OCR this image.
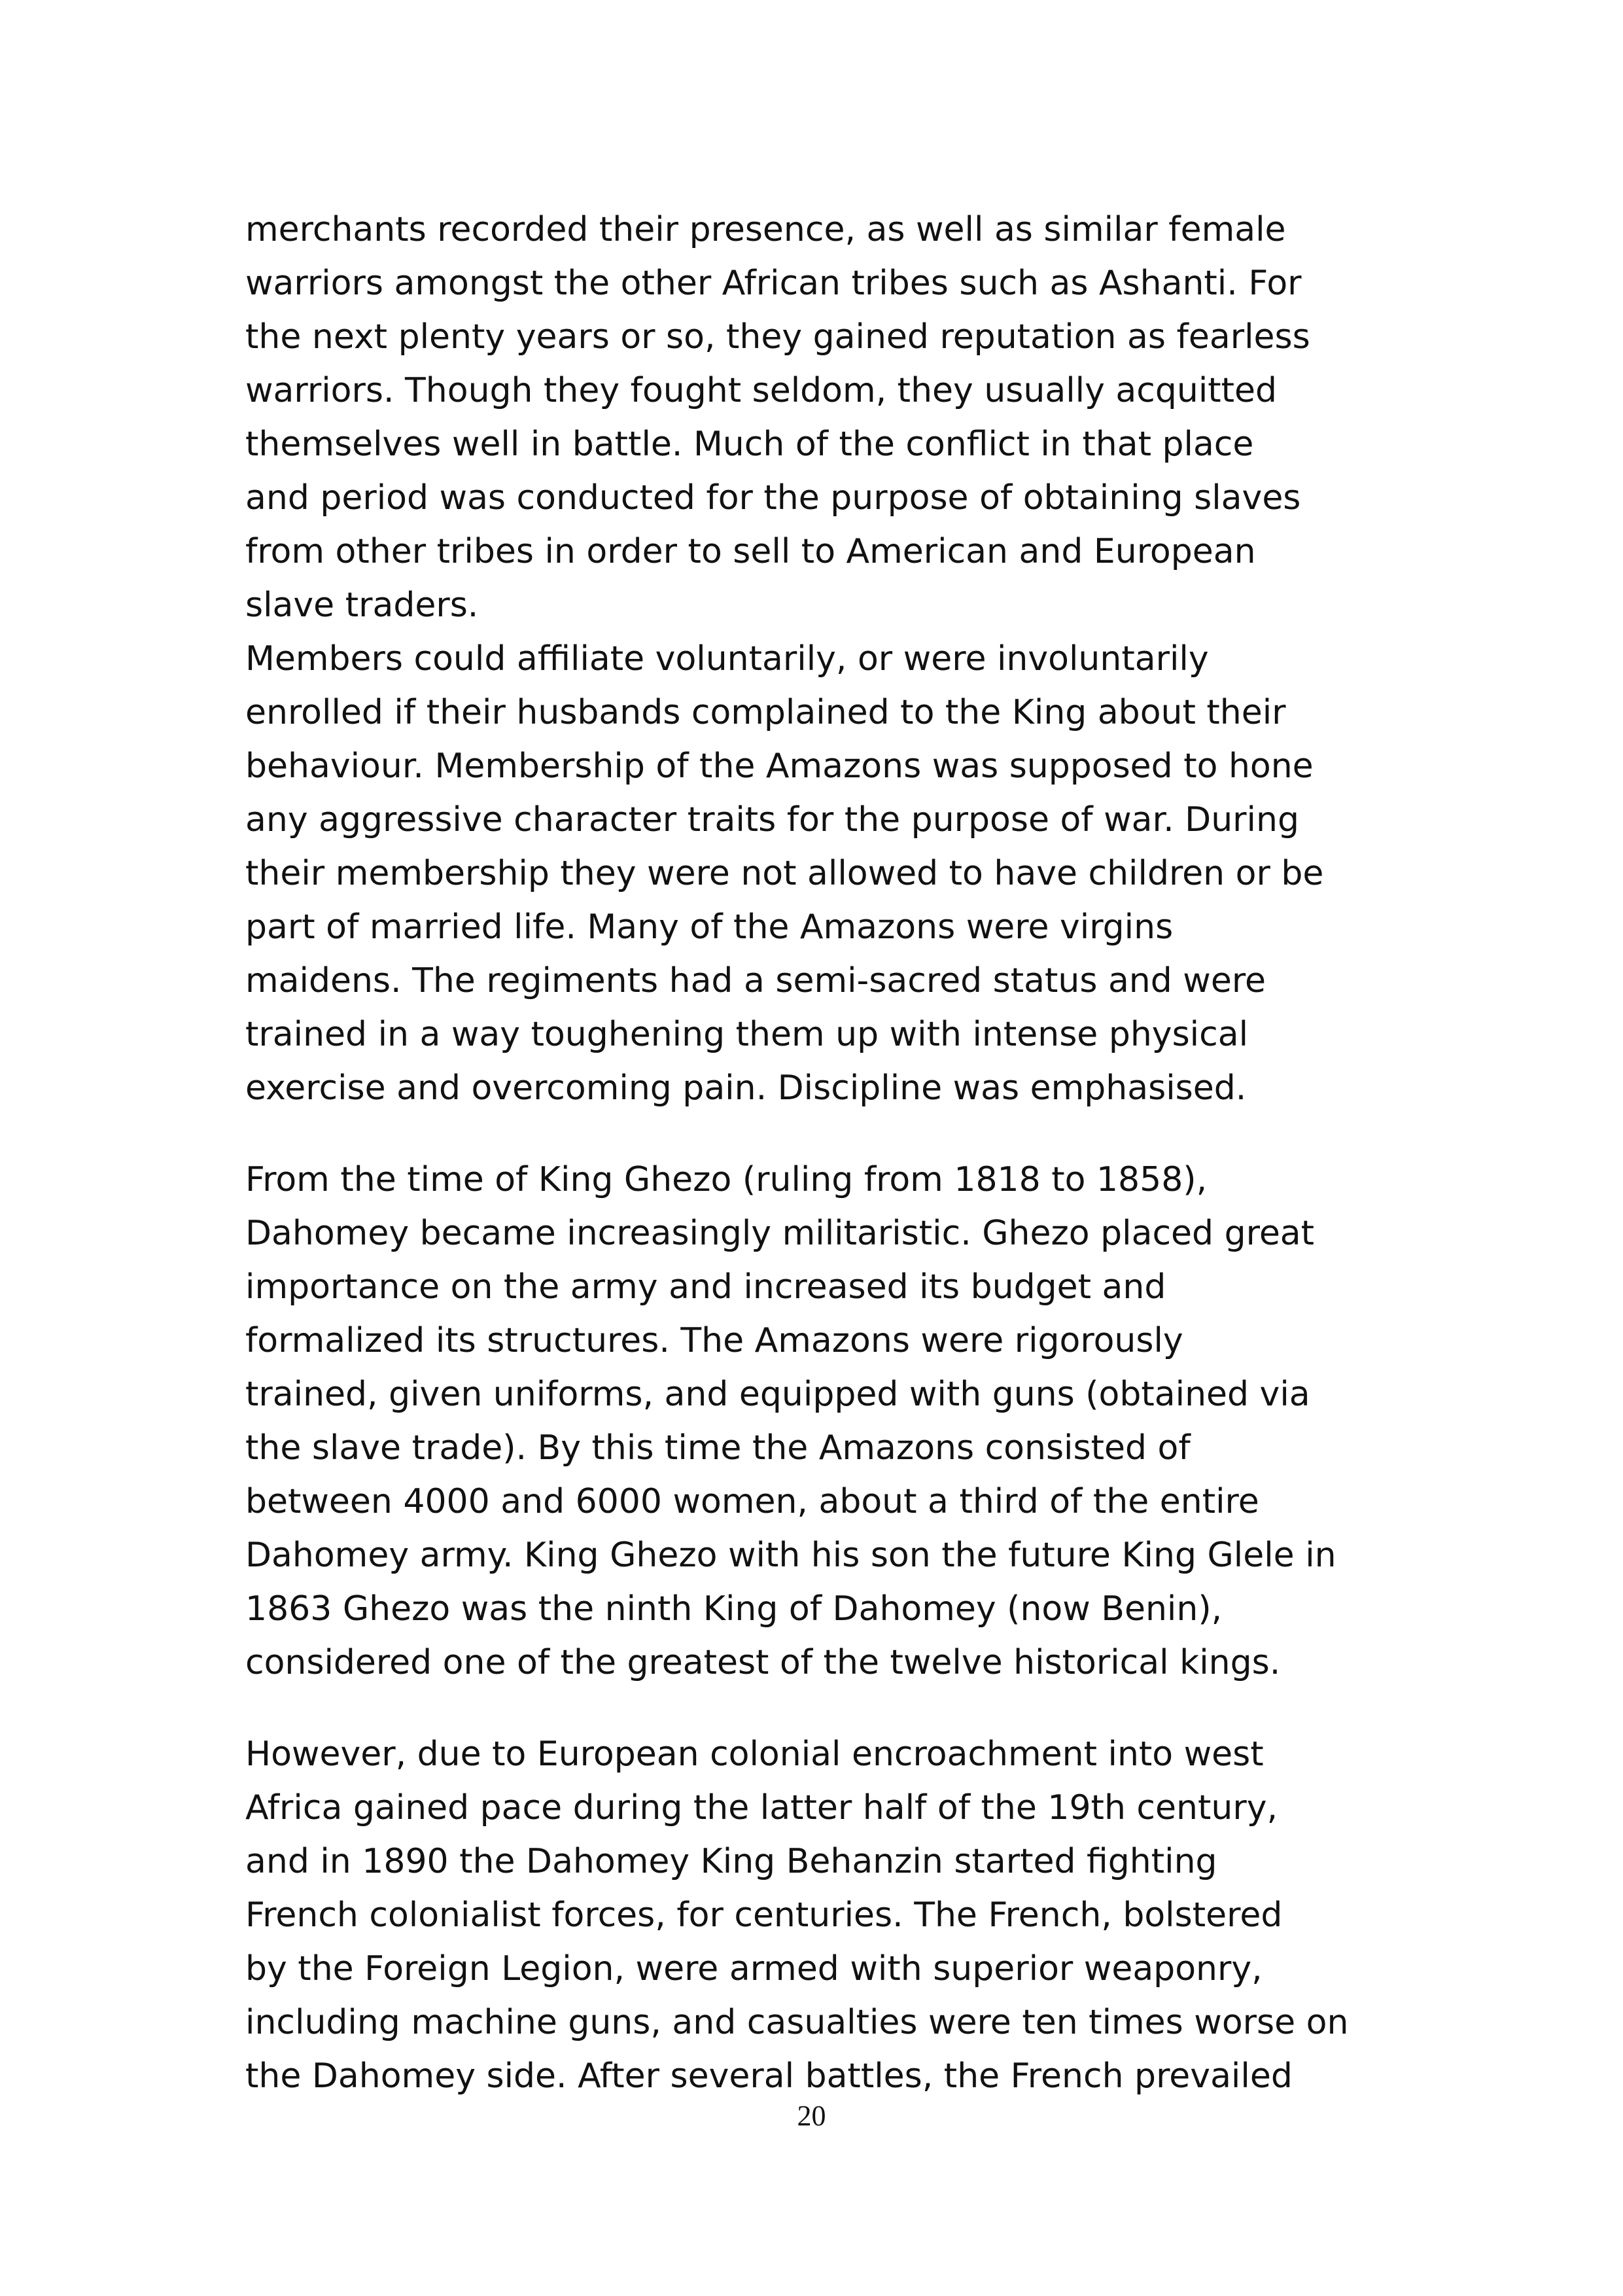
merchants recorded their presence, as well as similar female
warriors amongst the other African tribes such as Ashanti. For
the next plenty years or so, they gained reputation as fearless
warriors. Though they fought seldom, they usually acquitted
themselves well in battle. Much of the conflict in that place
and period was conducted for the purpose of obtaining slaves
from other tribes in order to sell to American and European
slave traders.
Members could affiliate voluntarily, or were involuntarily
enrolled if their husbands complained to the King about their
behaviour. Membership of the Amazons was supposed to hone
any aggressive character traits for the purpose of war. During
their membership they were not allowed to have children or be
part of married life. Many of the Amazons were virgins
maidens. The regiments had a semi-sacred status and were
trained in a way toughening them up with intense physical
exercise and overcoming pain. Discipline was emphasised.
From the time of King Ghezo (ruling from 1818 to 1858),
Dahomey became increasingly militaristic. Ghezo placed great
importance on the army and increased its budget and
formalized its structures. The Amazons were rigorously
trained, given uniforms, and equipped with guns (obtained via
the slave trade). By this time the Amazons consisted of
between 4000 and 6000 women, about a third of the entire
Dahomey army. King Ghezo with his son the future King Glele in
1863 Ghezo was the ninth King of Dahomey (now Benin),
considered one of the greatest of the twelve historical kings.
However, due to European colonial encroachment into west
Africa gained pace during the latter half of the 19th century,
and in 1890 the Dahomey King Behanzin started fighting
French colonialist forces, for centuries. The French, bolstered
by the Foreign Legion, were armed with superior weaponry,
including machine guns, and casualties were ten times worse on
the Dahomey side. After several battles, the French prevailed
20
